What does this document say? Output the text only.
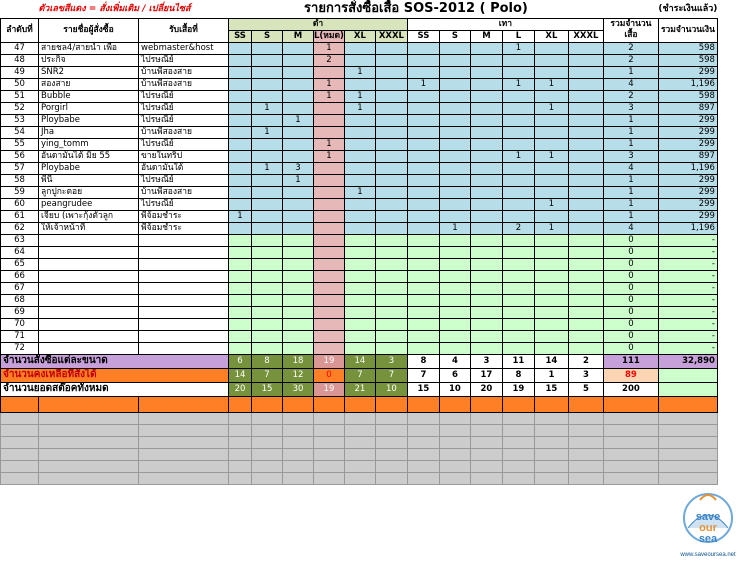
ตัวเลขสีแดง = สั่งเพิ่มเติม / เปลี่ยนไซส์			รายการสั่งซื้อเสื้อ SOS-2012 ( Polo)												(ชำระเงินแล้ว)	
ลำดับที่	รายชื่อผู้สั่งซื้อ	รับเสื้อที่	ดำ						เทา						รวมจำนวนเสื้อ	รวมจำนวนเงิน
			SS	S	M	L(หมด)	XL	XXXL	SS	S	M	L	XL	XXXL		
47	สายชล4/สายน้ำ เพื่อ	webmaster&host				1						1			2	598
48	ประกิจ	ไปรษณีย์				2									2	598
49	SNR2	บ้านพี่สองสาย					1								1	299
50	สองสาย	บ้านพี่สองสาย				1			1			1	1		4	1,196
51	Bubble	ไปรษณีย์				1	1								2	598
52	Porgirl	ไปรษณีย์		1			1						1		3	897
53	Ploybabe	ไปรษณีย์			1										1	299
54	Jha	บ้านพี่สองสาย		1											1	299
55	ying_tomm	ไปรษณีย์				1									1	299
56	อันดามันไต้ มิย 55	ขายในทริป				1						1	1		3	897
57	Ploybabe	อันดามันใต้		1	3										4	1,196
58	พี่นี้	ไปรษณีย์			1										1	299
59	ลูกปูกะตอย	บ้านพี่สองสาย					1								1	299
60	peangrudee	ไปรษณีย์											1		1	299
61	เจี๊ยบ (เพาะกุ้งตัวลูก	พี่จ้อมชำระ	1												1	299
62	ให้เจ้าหน้าที่	พี่จ้อมชำระ								1		2	1		4	1,196
63															0	-
64															0	-
65															0	-
66															0	-
67															0	-
68															0	-
69															0	-
70															0	-
71															0	-
72															0	-
จำนวนสั่งซื้อแต่ละขนาด			6	8	18	19	14	3	8	4	3	11	14	2	111	32,890
จำนวนคงเหลือที่สั่งได้			14	7	12	0	7	7	7	6	17	8	1	3	89	
จำนวนยอดสต๊อคทั้งหมด			20	15	30	19	21	10	15	10	20	19	15	5	200	

save
our
sea
www.saveoursea.net
